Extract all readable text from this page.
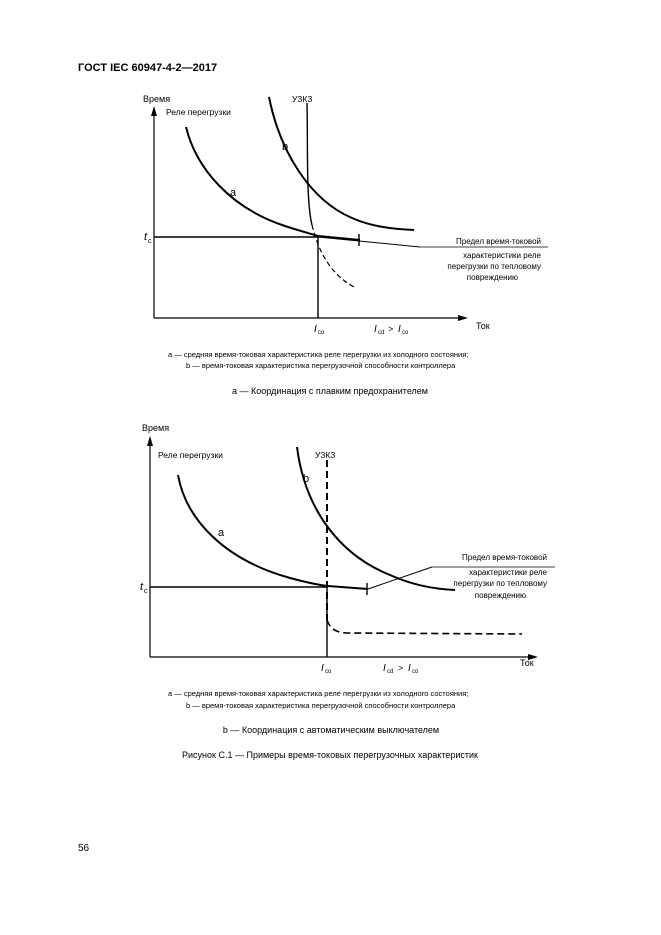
ГОСТ IEC 60947-4-2—2017
Время
Реле перегрузки
УЗКЗ
Ток
a
b
t c
I co	I cd > I co
Предел время-токовой
характеристики реле
перегрузки по тепловому
повреждению
a — средняя время-токовая характеристика реле перегрузки из холодного состояния;
b — время-токовая характеристика перегрузочной способности контроллера
а — Координация с плавким предохранителем
Время
Реле перегрузки	УЗКЗ
Ток
a
b
t c
I co	I cd > I co
Предел время-токовой
характеристики реле
перегрузки по тепловому
повреждению
a — средняя время-токовая характеристика реле перегрузки из холодного состояния;
b — время-токовая характеристика перегрузочной способности контроллера
b — Координация с автоматическим выключателем
Рисунок С.1 — Примеры время-токовых перегрузочных характеристик
56
